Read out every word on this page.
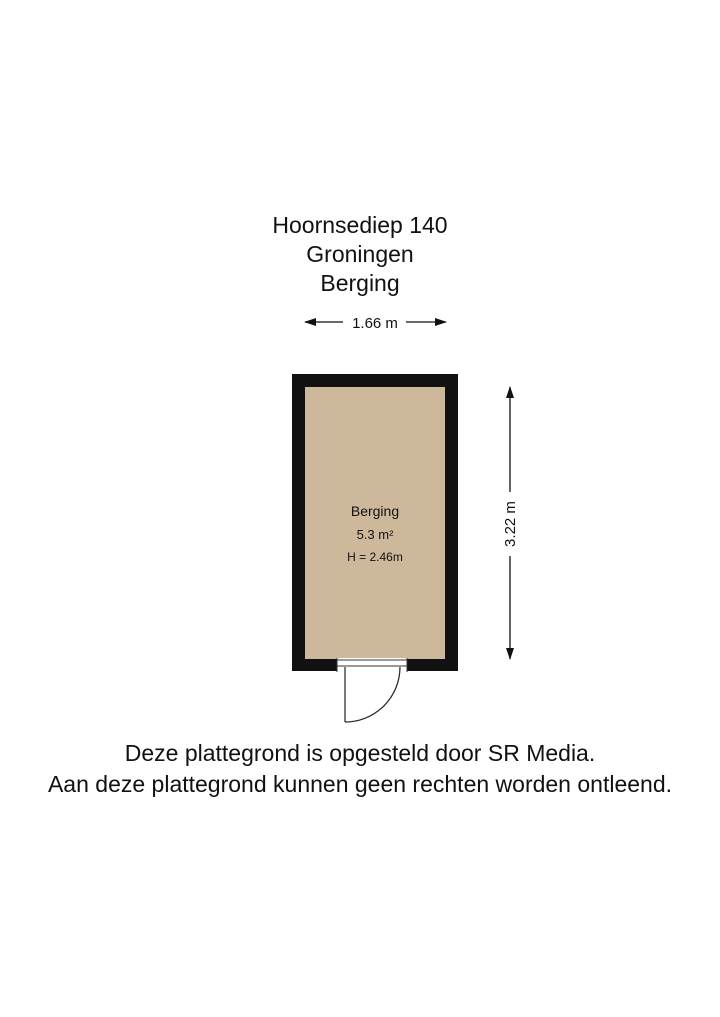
Hoornsediep 140
Groningen
Berging
1.66 m
Berging
5.3 m²
H = 2.46m
3.22 m
Deze plattegrond is opgesteld door SR Media.
Aan deze plattegrond kunnen geen rechten worden ontleend.
